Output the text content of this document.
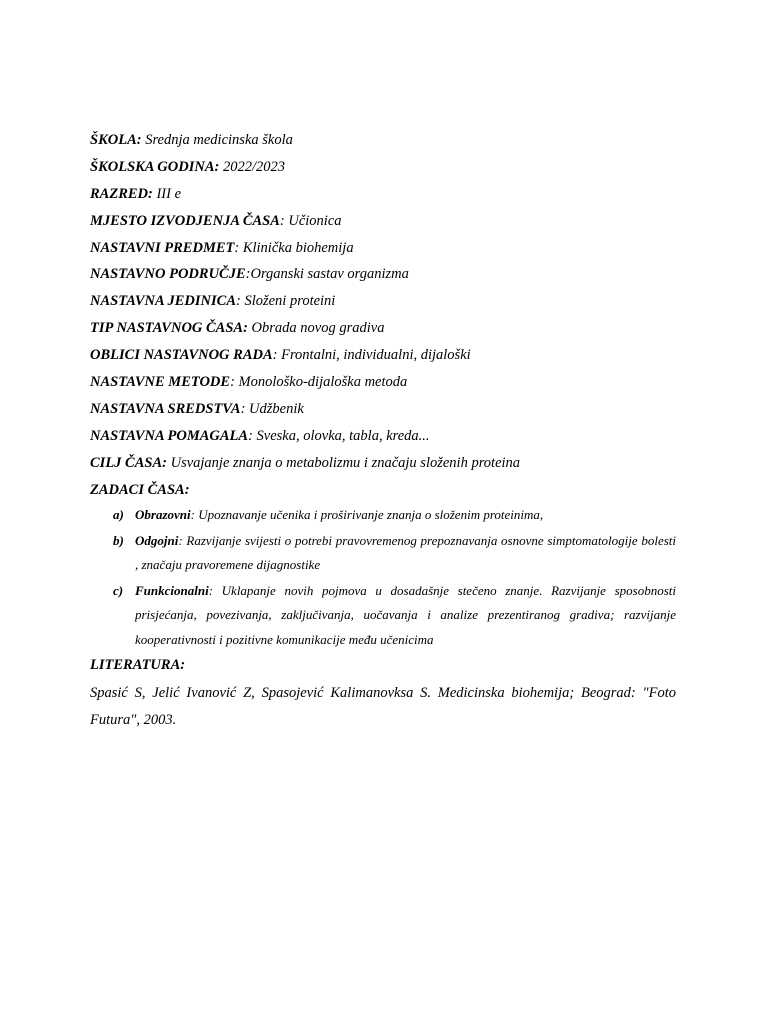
ŠKOLA: Srednja medicinska škola
ŠKOLSKA GODINA: 2022/2023
RAZRED: III e
MJESTO IZVODJENJA ČASA: Učionica
NASTAVNI PREDMET: Klinička biohemija
NASTAVNO PODRUČJE:Organski sastav organizma
NASTAVNA JEDINICA: Složeni proteini
TIP NASTAVNOG ČASA: Obrada novog gradiva
OBLICI NASTAVNOG RADA: Frontalni, individualni, dijaloški
NASTAVNE METODE: Monološko-dijaloška metoda
NASTAVNA SREDSTVA: Udžbenik
NASTAVNA POMAGALA: Sveska, olovka, tabla, kreda...
CILJ ČASA: Usvajanje znanja o metabolizmu i značaju složenih proteina
ZADACI ČASA:
a) Obrazovni: Upoznavanje učenika i proširivanje znanja o složenim proteinima,
b) Odgojni: Razvijanje svijesti o potrebi pravovremenog prepoznavanja osnovne simptomatologije bolesti , značaju pravoremene dijagnostike
c) Funkcionalni: Uklapanje novih pojmova u dosadašnje stečeno znanje. Razvijanje sposobnosti prisjećanja, povezivanja, zaključivanja, uočavanja i analize prezentiranog gradiva; razvijanje kooperativnosti i pozitivne komunikacije među učenicima
LITERATURA:

Spasić S, Jelić Ivanović Z, Spasojević Kalimanovksa S. Medicinska biohemija; Beograd: "Foto Futura", 2003.
